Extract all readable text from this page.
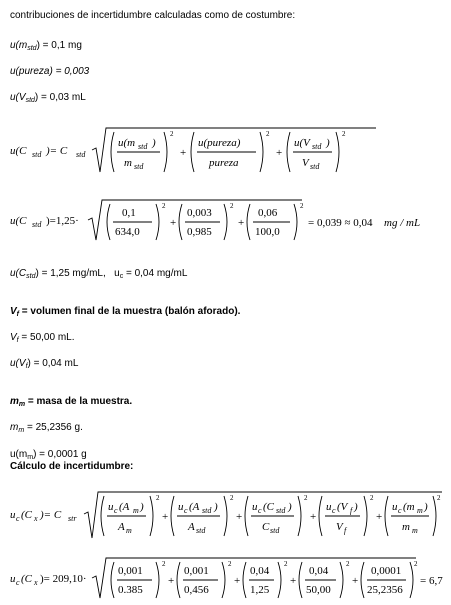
contribuciones de incertidumbre calculadas como de costumbre:
$u(m_{std}) = 0,1$ mg
u(pureza) = 0,003
$u(V_{std}) = 0,03$ mL
u(C std )= C std
u(m std )
m std
2
+
u(pureza)
pureza
2
+
u(V std )
V std
2
u(C std )=1,25·
0,1
634,0
2
+
0,003
0,985
2
+
0,06
100,0
2
= 0,039 ≈ 0,04 mg / mL
$u(C_{std}) = 1,25$ mg/mL, $u_c = 0,04$ mg/mL
$V_f$ = volumen final de la muestra (balón aforado).
$V_f = 50,00$ mL.
$u(V_f) = 0,04$ mL
$m_m$ = masa de la muestra.
$m_m = 25,2356$ g.
$u(m_m) = 0,0001$ g
Cálculo de incertidumbre:
u c (C x )= C str
u c (A m )
A m
2
+
u c (A std )
A std
2
+
u c (C std )
C std
2
+
u c (V f )
V f
2
+
u c (m m )
m m
2
u c (C x )= 209,10·
0,001
0.385
2
+
0,001
0,456
2
+
0,04
1,25
2
+
0,04
50,00
2
+
0,0001
25,2356
2
= 6,7
